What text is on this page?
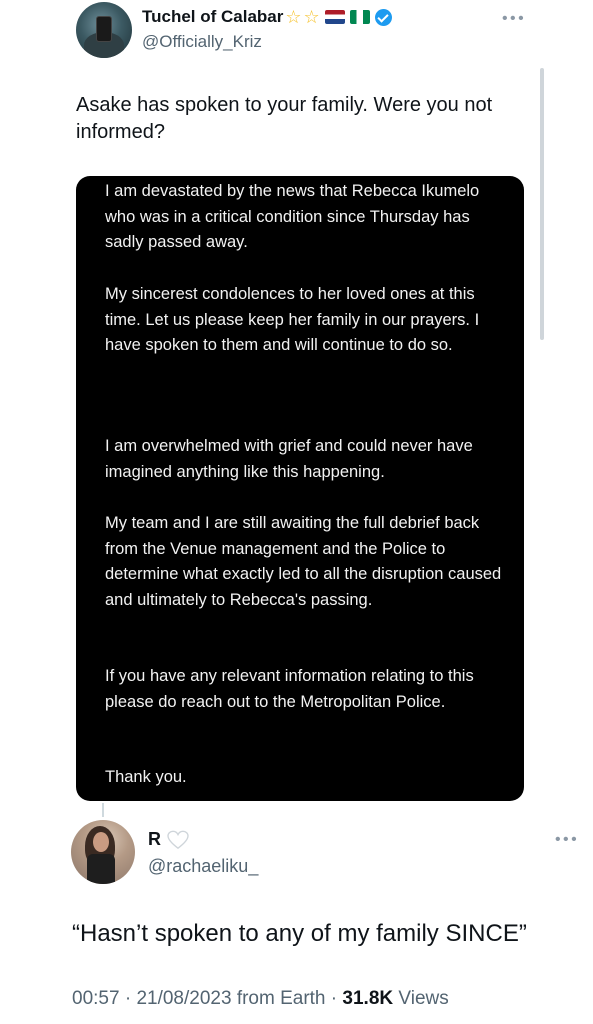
Tuchel of Calabar ☆ ☆
@Officially_Kriz
• • •
Asake has spoken to your family. Were you not informed?

I am devastated by the news that Rebecca Ikumelo who was in a critical condition since Thursday has sadly passed away.

My sincerest condolences to her loved ones at this time. Let us please keep her family in our prayers. I have spoken to them and will continue to do so.

I am overwhelmed with grief and could never have imagined anything like this happening.

My team and I are still awaiting the full debrief back from the Venue management and the Police to determine what exactly led to all the disruption caused and ultimately to Rebecca's passing.

If you have any relevant information relating to this please do reach out to the Metropolitan Police.

Thank you.

R
@rachaeliku_
• • •
“Hasn’t spoken to any of my family SINCE”
00:57 · 21/08/2023 from Earth · 31.8K Views
